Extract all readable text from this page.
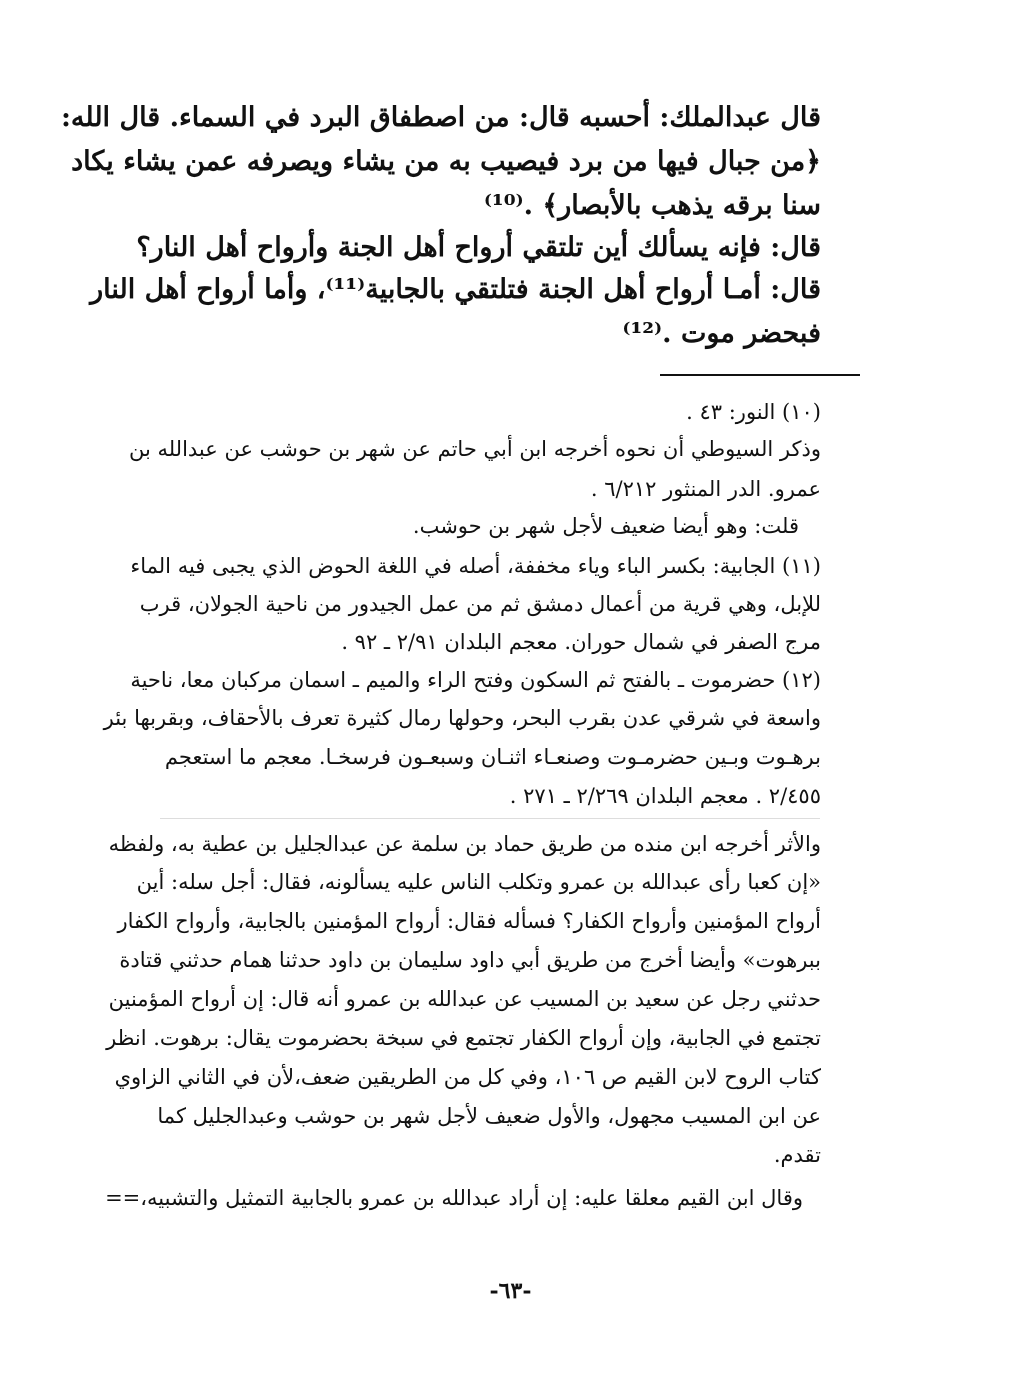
قال عبدالملك: أحسبه قال: من اصطفاق البرد في السماء. قال الله:
﴿من جبال فيها من برد فيصيب به من يشاء ويصرفه عمن يشاء يكاد
سنا برقه يذهب بالأبصار﴾ .⁽¹⁰⁾
قال: فإنه يسألك أين تلتقي أرواح أهل الجنة وأرواح أهل النار؟
قال: أمـا أرواح أهل الجنة فتلتقي بالجابية⁽¹¹⁾، وأما أرواح أهل النار
فبحضر موت .⁽¹²⁾
(١٠) النور: ٤٣ .
وذكر السيوطي أن نحوه أخرجه ابن أبي حاتم عن شهر بن حوشب عن عبدالله بن
عمرو. الدر المنثور ٦/٢١٢ .
قلت: وهو أيضا ضعيف لأجل شهر بن حوشب.
(١١) الجابية: بكسر الباء وياء مخففة، أصله في اللغة الحوض الذي يجبى فيه الماء
للإبل، وهي قرية من أعمال دمشق ثم من عمل الجيدور من ناحية الجولان، قرب
مرج الصفر في شمال حوران. معجم البلدان ٢/٩١ ـ ٩٢ .
(١٢) حضرموت ـ بالفتح ثم السكون وفتح الراء والميم ـ اسمان مركبان معا، ناحية
واسعة في شرقي عدن بقرب البحر، وحولها رمال كثيرة تعرف بالأحقاف، وبقربها بئر
برهـوت وبـين حضرمـوت وصنعـاء اثنـان وسبعـون فرسخـا. معجم ما استعجم
٢/٤٥٥ . معجم البلدان ٢/٢٦٩ ـ ٢٧١ .
والأثر أخرجه ابن منده من طريق حماد بن سلمة عن عبدالجليل بن عطية به، ولفظه
«إن كعبا رأى عبدالله بن عمرو وتكلب الناس عليه يسألونه، فقال: أجل سله: أين
أرواح المؤمنين وأرواح الكفار؟ فسأله فقال: أرواح المؤمنين بالجابية، وأرواح الكفار
ببرهوت» وأيضا أخرج من طريق أبي داود سليمان بن داود حدثنا همام حدثني قتادة
حدثني رجل عن سعيد بن المسيب عن عبدالله بن عمرو أنه قال: إن أرواح المؤمنين
تجتمع في الجابية، وإن أرواح الكفار تجتمع في سبخة بحضرموت يقال: برهوت. انظر
كتاب الروح لابن القيم ص ١٠٦، وفي كل من الطريقين ضعف،لأن في الثاني الزاوي
عن ابن المسيب مجهول، والأول ضعيف لأجل شهر بن حوشب وعبدالجليل كما
تقدم.
وقال ابن القيم معلقا عليه: إن أراد عبدالله بن عمرو بالجابية التمثيل والتشبيه،==
-٦٣-
